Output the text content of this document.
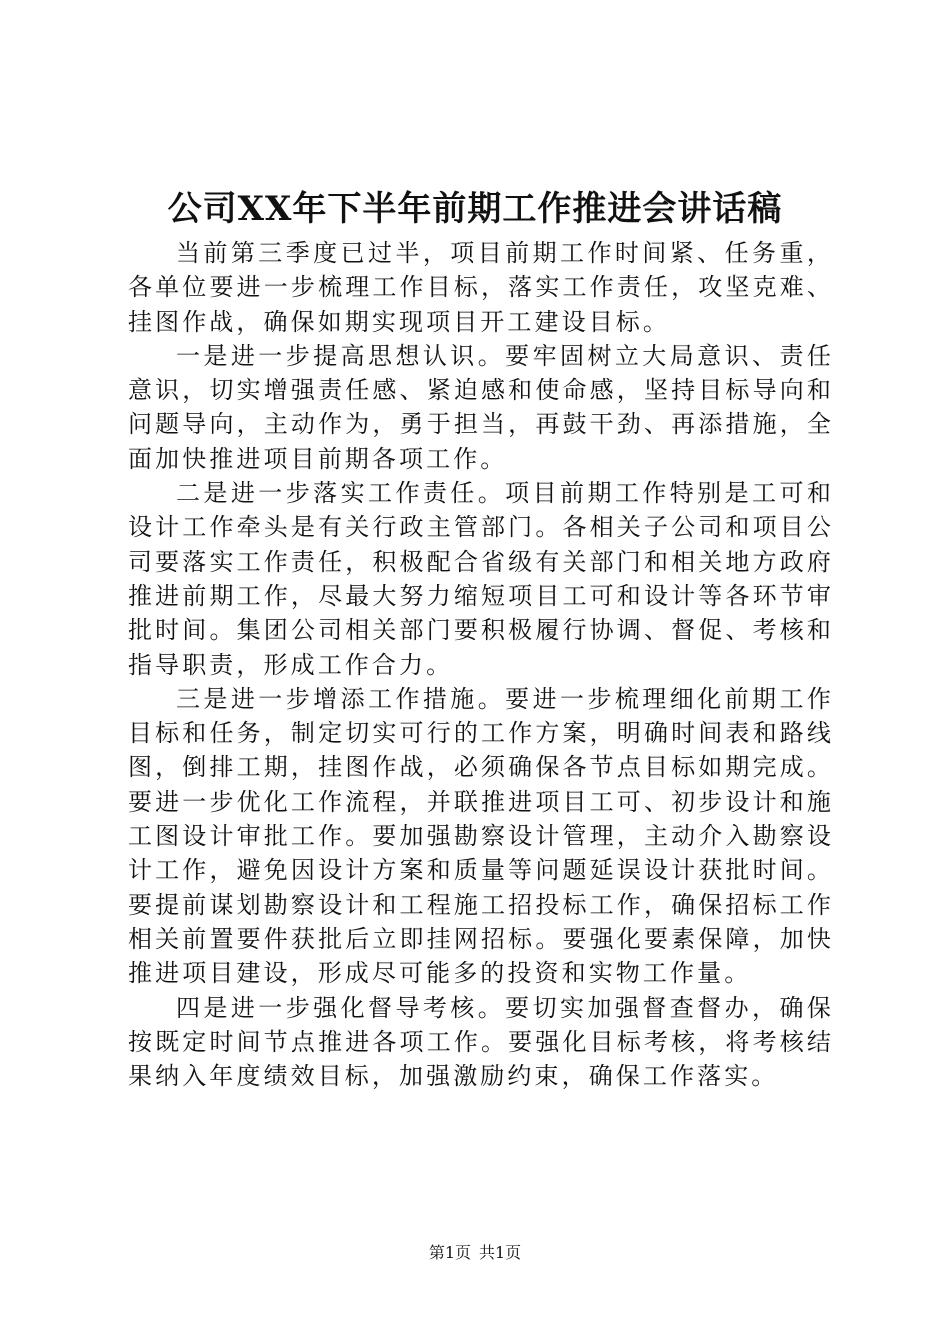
公司XX年下半年前期工作推进会讲话稿

当前第三季度已过半，项目前期工作时间紧、任务重，各单位要进一步梳理工作目标，落实工作责任，攻坚克难、挂图作战，确保如期实现项目开工建设目标。

一是进一步提高思想认识。要牢固树立大局意识、责任意识，切实增强责任感、紧迫感和使命感，坚持目标导向和问题导向，主动作为，勇于担当，再鼓干劲、再添措施，全面加快推进项目前期各项工作。

二是进一步落实工作责任。项目前期工作特别是工可和设计工作牵头是有关行政主管部门。各相关子公司和项目公司要落实工作责任，积极配合省级有关部门和相关地方政府推进前期工作，尽最大努力缩短项目工可和设计等各环节审批时间。集团公司相关部门要积极履行协调、督促、考核和指导职责，形成工作合力。

三是进一步增添工作措施。要进一步梳理细化前期工作目标和任务，制定切实可行的工作方案，明确时间表和路线图，倒排工期，挂图作战，必须确保各节点目标如期完成。要进一步优化工作流程，并联推进项目工可、初步设计和施工图设计审批工作。要加强勘察设计管理，主动介入勘察设计工作，避免因设计方案和质量等问题延误设计获批时间。要提前谋划勘察设计和工程施工招投标工作，确保招标工作相关前置要件获批后立即挂网招标。要强化要素保障，加快推进项目建设，形成尽可能多的投资和实物工作量。

四是进一步强化督导考核。要切实加强督查督办，确保按既定时间节点推进各项工作。要强化目标考核，将考核结果纳入年度绩效目标，加强激励约束，确保工作落实。

第1页 共1页
